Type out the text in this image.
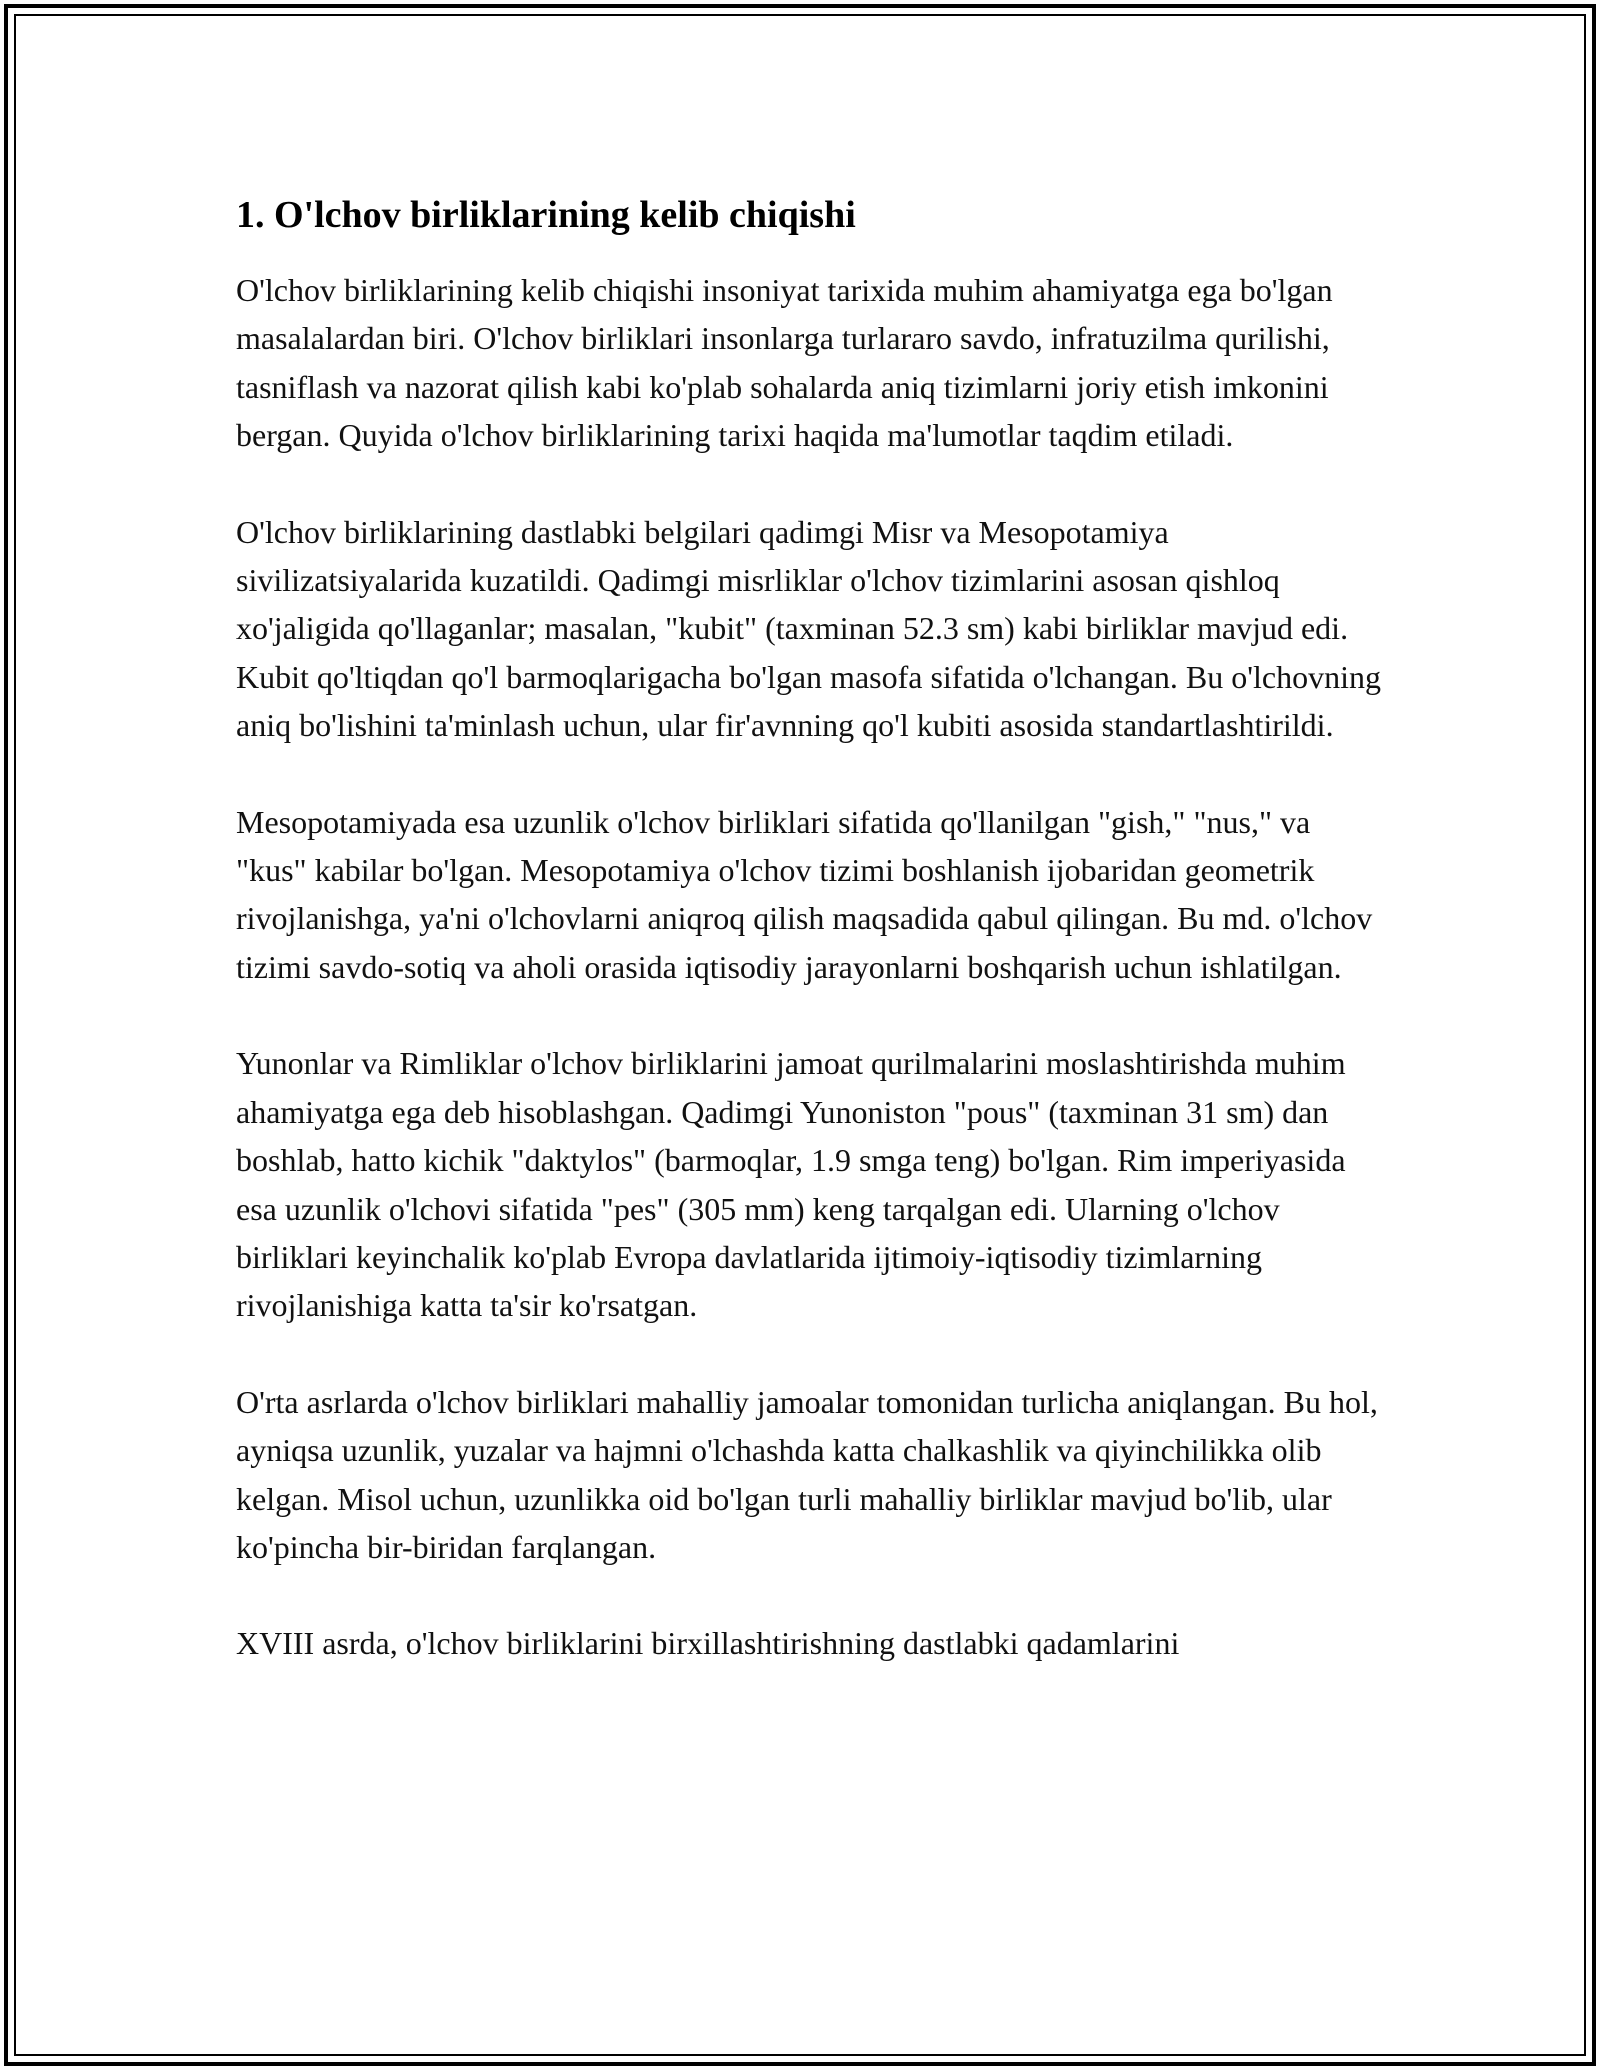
1. O'lchov birliklarining kelib chiqishi

O'lchov birliklarining kelib chiqishi insoniyat tarixida muhim ahamiyatga ega bo'lgan masalalardan biri. O'lchov birliklari insonlarga turlararo savdo, infratuzilma qurilishi, tasniflash va nazorat qilish kabi ko'plab sohalarda aniq tizimlarni joriy etish imkonini bergan. Quyida o'lchov birliklarining tarixi haqida ma'lumotlar taqdim etiladi.

O'lchov birliklarining dastlabki belgilari qadimgi Misr va Mesopotamiya sivilizatsiyalarida kuzatildi. Qadimgi misrliklar o'lchov tizimlarini asosan qishloq xo'jaligida qo'llaganlar; masalan, "kubit" (taxminan 52.3 sm) kabi birliklar mavjud edi. Kubit qo'ltiqdan qo'l barmoqlarigacha bo'lgan masofa sifatida o'lchangan. Bu o'lchovning aniq bo'lishini ta'minlash uchun, ular fir'avnning qo'l kubiti asosida standartlashtirildi.

Mesopotamiyada esa uzunlik o'lchov birliklari sifatida qo'llanilgan "gish," "nus," va "kus" kabilar bo'lgan. Mesopotamiya o'lchov tizimi boshlanish ijobaridan geometrik rivojlanishga, ya'ni o'lchovlarni aniqroq qilish maqsadida qabul qilingan. Bu md. o'lchov tizimi savdo-sotiq va aholi orasida iqtisodiy jarayonlarni boshqarish uchun ishlatilgan.

Yunonlar va Rimliklar o'lchov birliklarini jamoat qurilmalarini moslashtirishda muhim ahamiyatga ega deb hisoblashgan. Qadimgi Yunoniston "pous" (taxminan 31 sm) dan boshlab, hatto kichik "daktylos" (barmoqlar, 1.9 smga teng) bo'lgan. Rim imperiyasida esa uzunlik o'lchovi sifatida "pes" (305 mm) keng tarqalgan edi. Ularning o'lchov birliklari keyinchalik ko'plab Evropa davlatlarida ijtimoiy-iqtisodiy tizimlarning rivojlanishiga katta ta'sir ko'rsatgan.

O'rta asrlarda o'lchov birliklari mahalliy jamoalar tomonidan turlicha aniqlangan. Bu hol, ayniqsa uzunlik, yuzalar va hajmni o'lchashda katta chalkashlik va qiyinchilikka olib kelgan. Misol uchun, uzunlikka oid bo'lgan turli mahalliy birliklar mavjud bo'lib, ular ko'pincha bir-biridan farqlangan.

XVIII asrda, o'lchov birliklarini birxillashtirishning dastlabki qadamlarini
